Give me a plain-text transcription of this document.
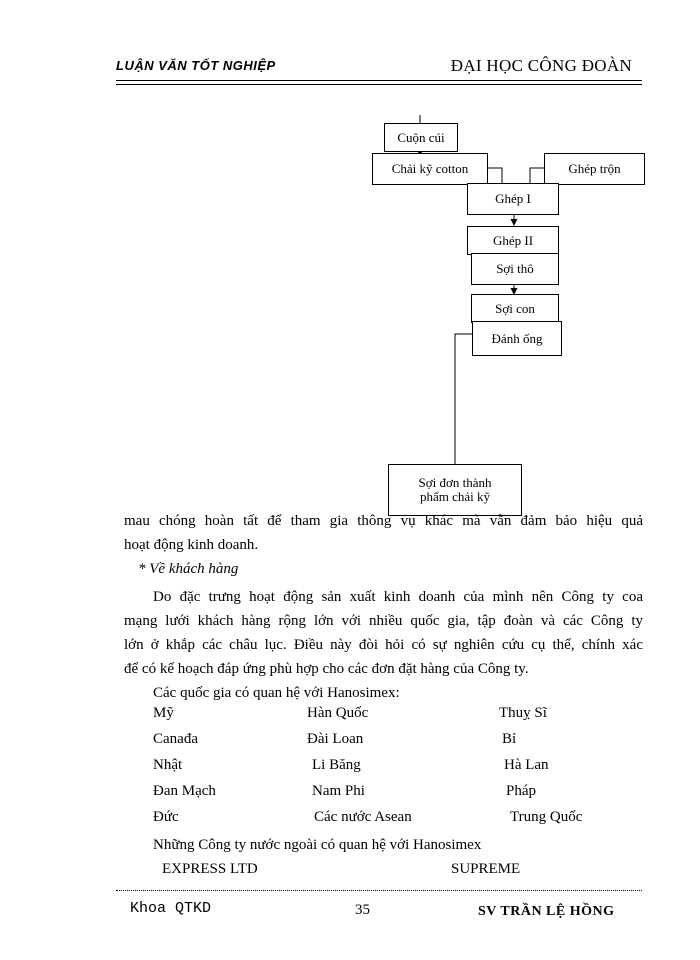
LUẬN VĂN TỐT NGHIỆP	ĐẠI HỌC CÔNG ĐOÀN
Cuộn cúi
Chải kỹ cotton	Ghép trộn
Ghép I
Ghép II
Sợi thô
Sợi con
Đánh ống
Sợi đơn thành
phẩm chải kỹ
mau chóng hoàn tất để tham gia thông vụ khác mà vẫn đảm bảo hiệu quả
hoạt động kinh doanh.
* Về khách hàng
Do đặc trưng hoạt động sản xuất kinh doanh của mình nên Công ty coa
mạng lưới khách hàng rộng lớn với nhiều quốc gia, tập đoàn và các Công ty
lớn ở khắp các châu lục. Điều này đòi hỏi có sự nghiên cứu cụ thể, chính xác
để có kế hoạch đáp ứng phù hợp cho các đơn đặt hàng của Công ty.
Các quốc gia có quan hệ với Hanosimex:
Mỹ	Hàn Quốc	Thuỵ Sĩ
Canađa	Đài Loan	Bỉ
Nhật	Li Băng	Hà Lan
Đan Mạch	Nam Phi	Pháp
Đức	Các nước Asean	Trung Quốc
Những Công ty nước ngoài có quan hệ với Hanosimex
EXPRESS LTD	SUPREME
Khoa QTKD	35	SV TRẦN LỆ HỒNG
